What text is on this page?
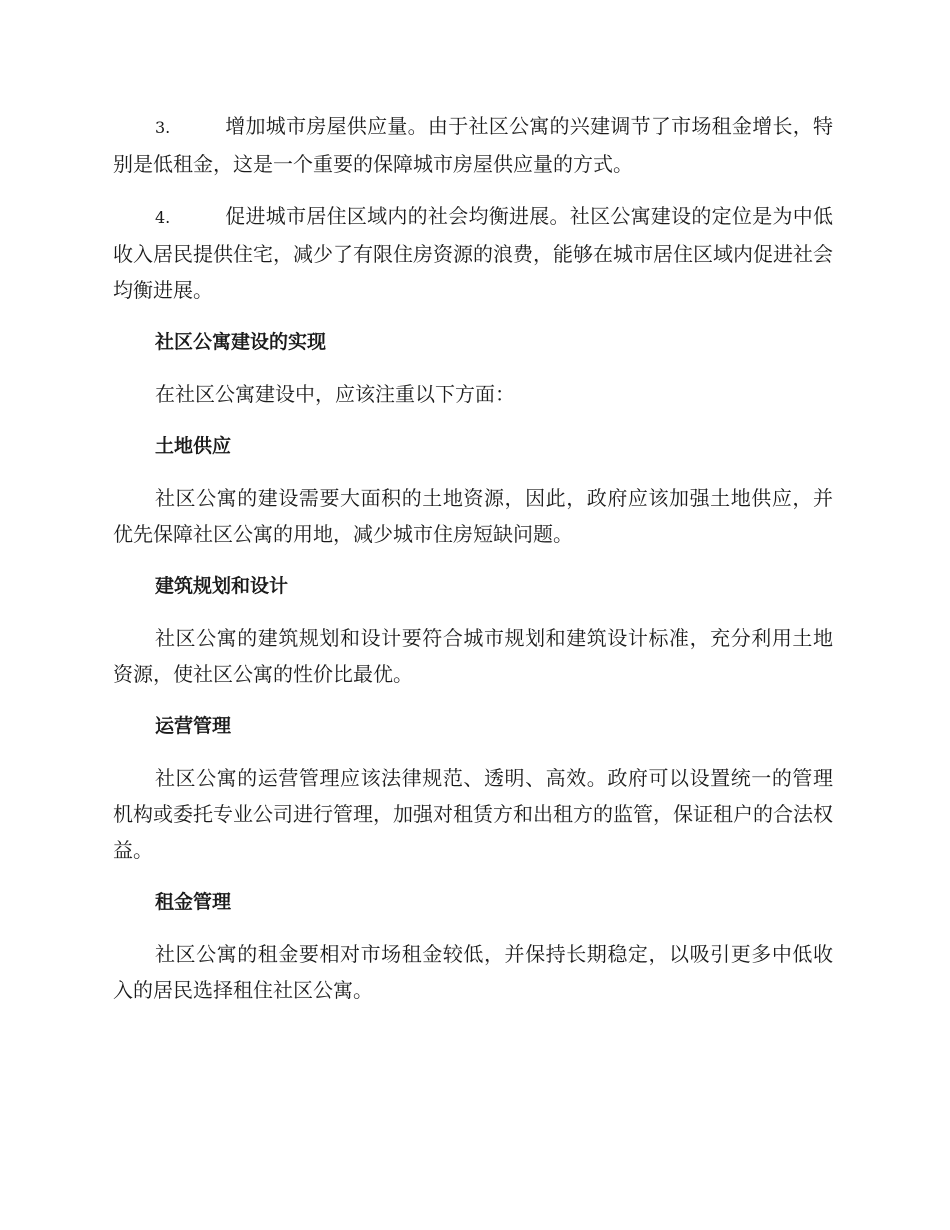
3.	增加城市房屋供应量。由于社区公寓的兴建调节了市场租金增长，特别是低租金，这是一个重要的保障城市房屋供应量的方式。

4.	促进城市居住区域内的社会均衡进展。社区公寓建设的定位是为中低收入居民提供住宅，减少了有限住房资源的浪费，能够在城市居住区域内促进社会均衡进展。

社区公寓建设的实现

在社区公寓建设中，应该注重以下方面：

土地供应

社区公寓的建设需要大面积的土地资源，因此，政府应该加强土地供应，并优先保障社区公寓的用地，减少城市住房短缺问题。

建筑规划和设计

社区公寓的建筑规划和设计要符合城市规划和建筑设计标准，充分利用土地资源，使社区公寓的性价比最优。

运营管理

社区公寓的运营管理应该法律规范、透明、高效。政府可以设置统一的管理机构或委托专业公司进行管理，加强对租赁方和出租方的监管，保证租户的合法权益。

租金管理

社区公寓的租金要相对市场租金较低，并保持长期稳定，以吸引更多中低收入的居民选择租住社区公寓。
